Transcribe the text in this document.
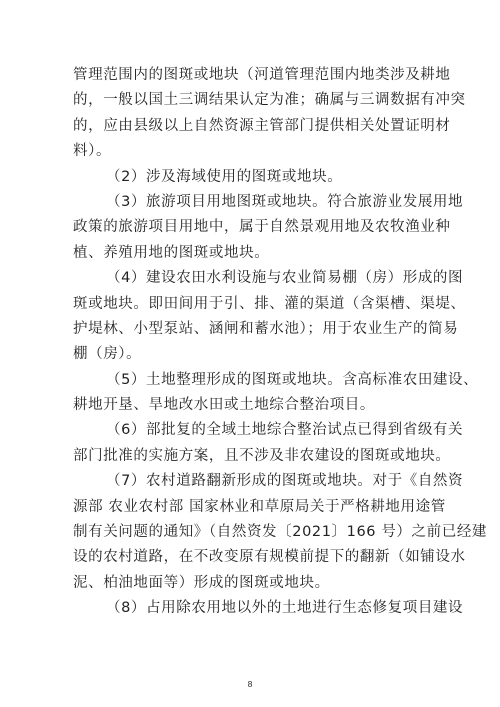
管理范围内的图斑或地块（河道管理范围内地类涉及耕地
的，一般以国土三调结果认定为准；确属与三调数据有冲突
的，应由县级以上自然资源主管部门提供相关处置证明材
料）。
（2）涉及海域使用的图斑或地块。
（3）旅游项目用地图斑或地块。符合旅游业发展用地
政策的旅游项目用地中，属于自然景观用地及农牧渔业种
植、养殖用地的图斑或地块。
（4）建设农田水利设施与农业简易棚（房）形成的图
斑或地块。即田间用于引、排、灌的渠道（含渠槽、渠堤、
护堤林、小型泵站、涵闸和蓄水池）；用于农业生产的简易
棚（房）。
（5）土地整理形成的图斑或地块。含高标准农田建设、
耕地开垦、旱地改水田或土地综合整治项目。
（6）部批复的全域土地综合整治试点已得到省级有关
部门批准的实施方案，且不涉及非农建设的图斑或地块。
（7）农村道路翻新形成的图斑或地块。对于《自然资
源部 农业农村部 国家林业和草原局关于严格耕地用途管
制有关问题的通知》（自然资发〔2021〕166 号）之前已经建
设的农村道路，在不改变原有规模前提下的翻新（如铺设水
泥、柏油地面等）形成的图斑或地块。
（8）占用除农用地以外的土地进行生态修复项目建设
8
